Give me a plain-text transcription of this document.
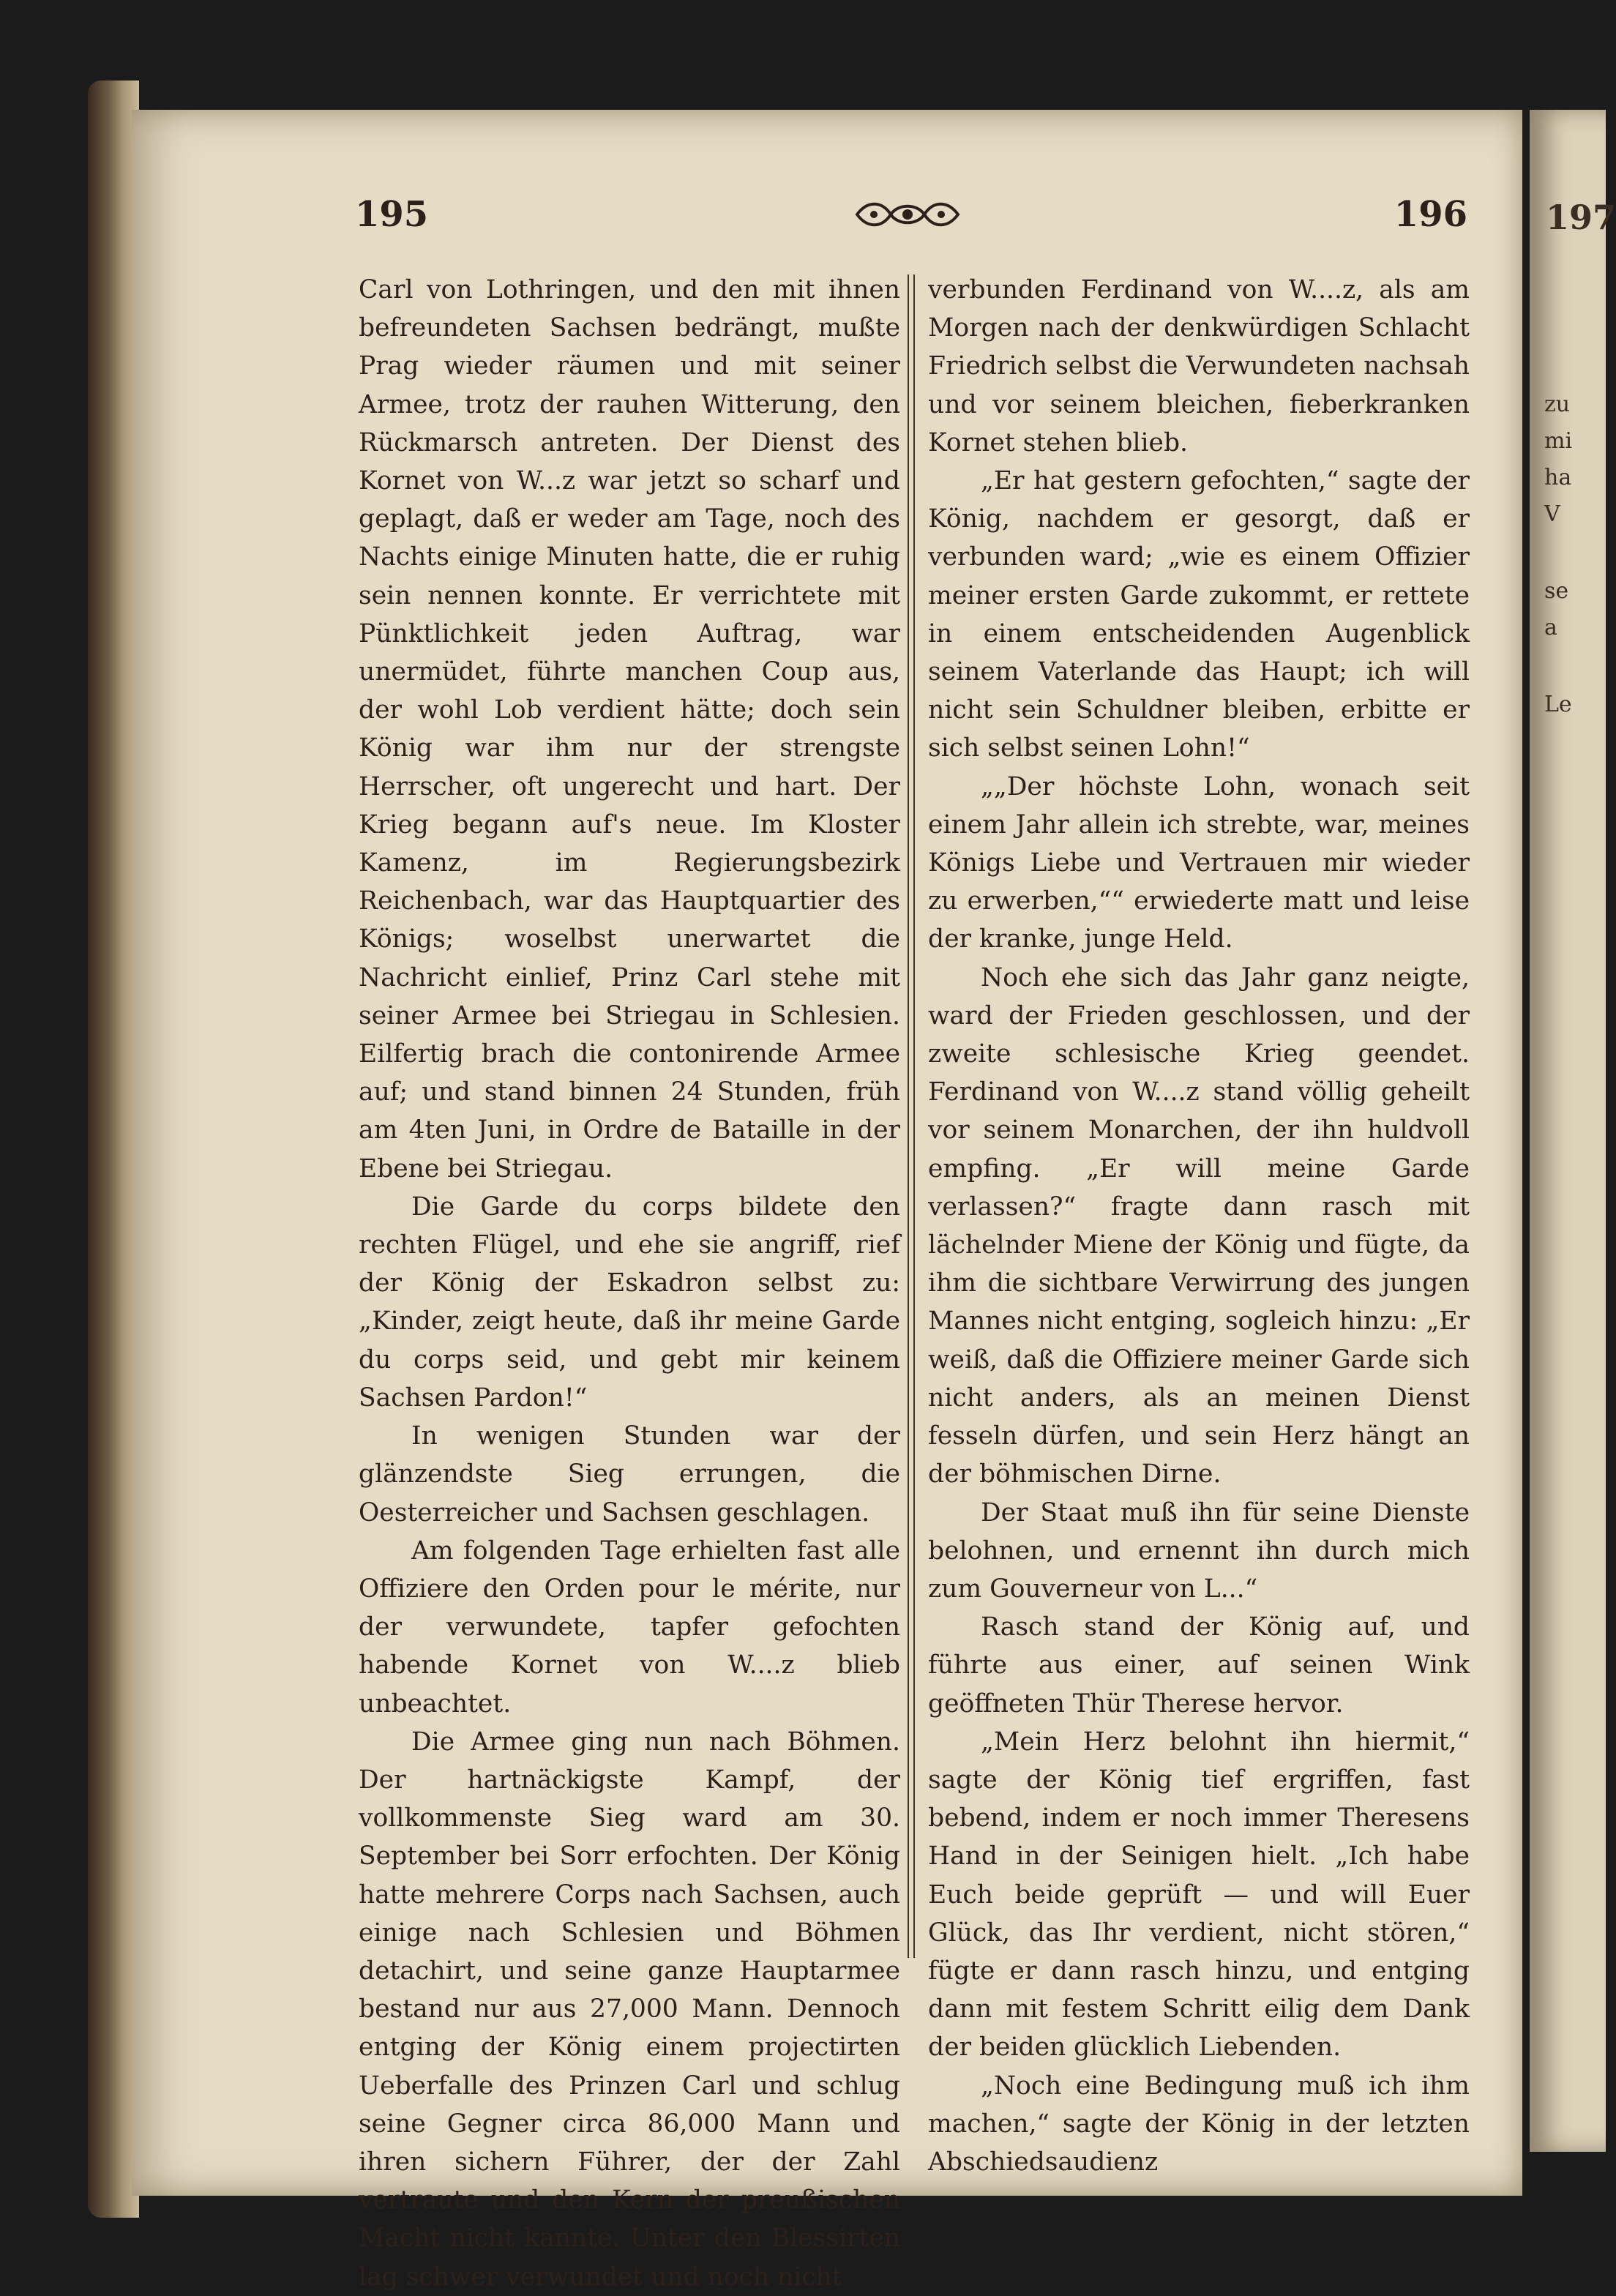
197
zu
mi
ha
V
se
a
Le
195	196

Carl von Lothringen, und den mit ihnen befreundeten Sachsen bedrängt, mußte Prag wieder räumen und mit seiner Armee, trotz der rauhen Witterung, den Rückmarsch antreten. Der Dienst des Kornet von W...z war jetzt so scharf und geplagt, daß er weder am Tage, noch des Nachts einige Minuten hatte, die er ruhig sein nennen konnte. Er verrichtete mit Pünktlichkeit jeden Auftrag, war unermüdet, führte manchen Coup aus, der wohl Lob verdient hätte; doch sein König war ihm nur der strengste Herrscher, oft ungerecht und hart. Der Krieg begann auf's neue. Im Kloster Kamenz, im Regierungsbezirk Reichenbach, war das Hauptquartier des Königs; woselbst unerwartet die Nachricht einlief, Prinz Carl stehe mit seiner Armee bei Striegau in Schlesien. Eilfertig brach die contonirende Armee auf; und stand binnen 24 Stunden, früh am 4ten Juni, in Ordre de Bataille in der Ebene bei Striegau.

Die Garde du corps bildete den rechten Flügel, und ehe sie angriff, rief der König der Eskadron selbst zu: „Kinder, zeigt heute, daß ihr meine Garde du corps seid, und gebt mir keinem Sachsen Pardon!“

In wenigen Stunden war der glänzendste Sieg errungen, die Oesterreicher und Sachsen geschlagen.

Am folgenden Tage erhielten fast alle Offiziere den Orden pour le mérite, nur der verwundete, tapfer gefochten habende Kornet von W....z blieb unbeachtet.

Die Armee ging nun nach Böhmen. Der hartnäckigste Kampf, der vollkommenste Sieg ward am 30. September bei Sorr erfochten. Der König hatte mehrere Corps nach Sachsen, auch einige nach Schlesien und Böhmen detachirt, und seine ganze Hauptarmee bestand nur aus 27,000 Mann. Dennoch entging der König einem projectirten Ueberfalle des Prinzen Carl und schlug seine Gegner circa 86,000 Mann und ihren sichern Führer, der der Zahl vertraute und den Kern der preußischen Macht nicht kannte. Unter den Blessirten lag schwer verwundet und noch nicht

verbunden Ferdinand von W....z, als am Morgen nach der denkwürdigen Schlacht Friedrich selbst die Verwundeten nachsah und vor seinem bleichen, fieberkranken Kornet stehen blieb.

„Er hat gestern gefochten,“ sagte der König, nachdem er gesorgt, daß er verbunden ward; „wie es einem Offizier meiner ersten Garde zukommt, er rettete in einem entscheidenden Augenblick seinem Vaterlande das Haupt; ich will nicht sein Schuldner bleiben, erbitte er sich selbst seinen Lohn!“

„„Der höchste Lohn, wonach seit einem Jahr allein ich strebte, war, meines Königs Liebe und Vertrauen mir wieder zu erwerben,““ erwiederte matt und leise der kranke, junge Held.

Noch ehe sich das Jahr ganz neigte, ward der Frieden geschlossen, und der zweite schlesische Krieg geendet. Ferdinand von W....z stand völlig geheilt vor seinem Monarchen, der ihn huldvoll empfing. „Er will meine Garde verlassen?“ fragte dann rasch mit lächelnder Miene der König und fügte, da ihm die sichtbare Verwirrung des jungen Mannes nicht entging, sogleich hinzu: „Er weiß, daß die Offiziere meiner Garde sich nicht anders, als an meinen Dienst fesseln dürfen, und sein Herz hängt an der böhmischen Dirne.

Der Staat muß ihn für seine Dienste belohnen, und ernennt ihn durch mich zum Gouverneur von L...“

Rasch stand der König auf, und führte aus einer, auf seinen Wink geöffneten Thür Therese hervor.

„Mein Herz belohnt ihn hiermit,“ sagte der König tief ergriffen, fast bebend, indem er noch immer Theresens Hand in der Seinigen hielt. „Ich habe Euch beide geprüft — und will Euer Glück, das Ihr verdient, nicht stören,“ fügte er dann rasch hinzu, und entging dann mit festem Schritt eilig dem Dank der beiden glücklich Liebenden.

„Noch eine Bedingung muß ich ihm machen,“ sagte der König in der letzten Abschiedsaudienz
